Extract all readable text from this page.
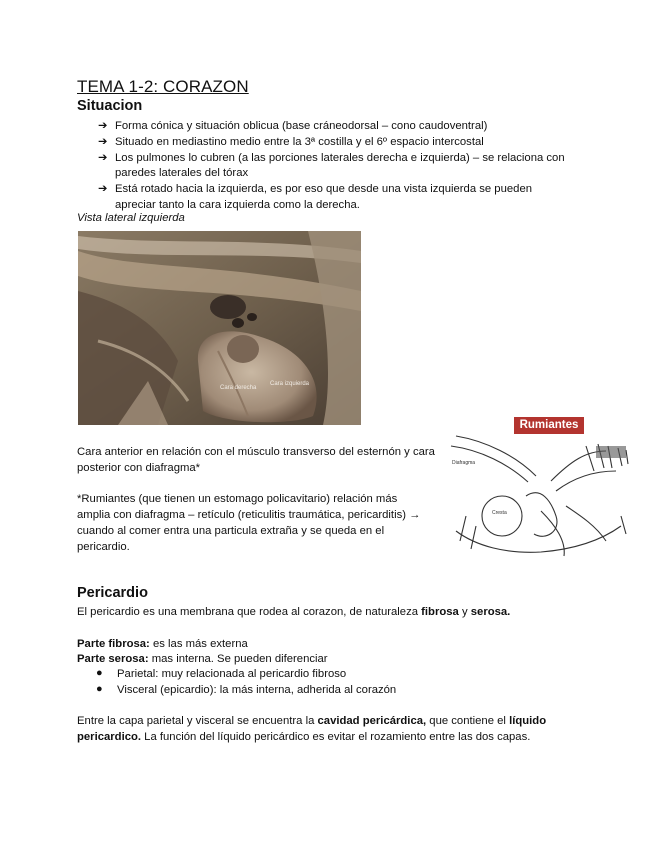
TEMA 1-2: CORAZON
Situacion
➔ Forma cónica y situación oblicua (base cráneodorsal – cono caudoventral)
➔ Situado en mediastino medio entre la 3ª costilla y el 6º espacio intercostal
➔ Los pulmones lo cubren (a las porciones laterales derecha e izquierda) – se relaciona con paredes laterales del tórax
➔ Está rotado hacia la izquierda, es por eso que desde una vista izquierda se pueden apreciar tanto la cara izquierda como la derecha.
Vista lateral izquierda
Cara derecha
Cara izquierda
Rumiantes
Diafragma
Cresta
Cara anterior en relación con el músculo transverso del esternón y cara posterior con diafragma*
*Rumiantes (que tienen un estomago policavitario) relación más amplia con diafragma – retículo (reticulitis traumática, pericarditis) → cuando al comer entra una particula extraña y se queda en el pericardio.
Pericardio
El pericardio es una membrana que rodea al corazon, de naturaleza fibrosa y serosa.
Parte fibrosa: es las más externa
Parte serosa: mas interna. Se pueden diferenciar
● Parietal: muy relacionada al pericardio fibroso
● Visceral (epicardio): la más interna, adherida al corazón
Entre la capa parietal y visceral se encuentra la cavidad pericárdica, que contiene el líquido pericardico. La función del líquido pericárdico es evitar el rozamiento entre las dos capas.
